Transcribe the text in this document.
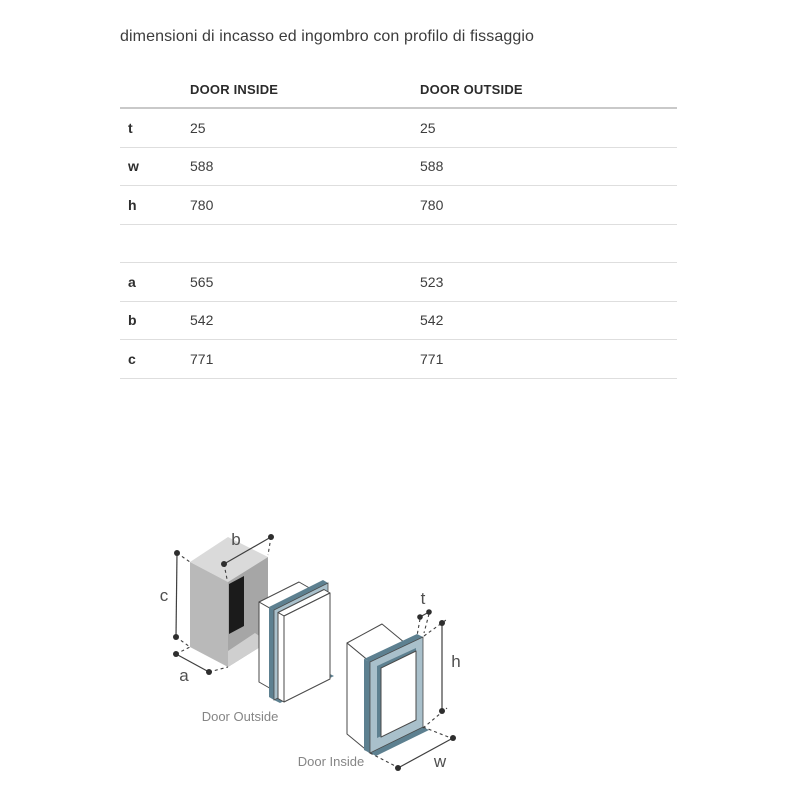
dimensioni di incasso ed ingombro con profilo di fissaggio
DOOR INSIDE	DOOR OUTSIDE
t	25	25
w	588	588
h	780	780
a	565	523
b	542	542
c	771	771
c
b
a
Door Outside
Door Inside
t
h
w
